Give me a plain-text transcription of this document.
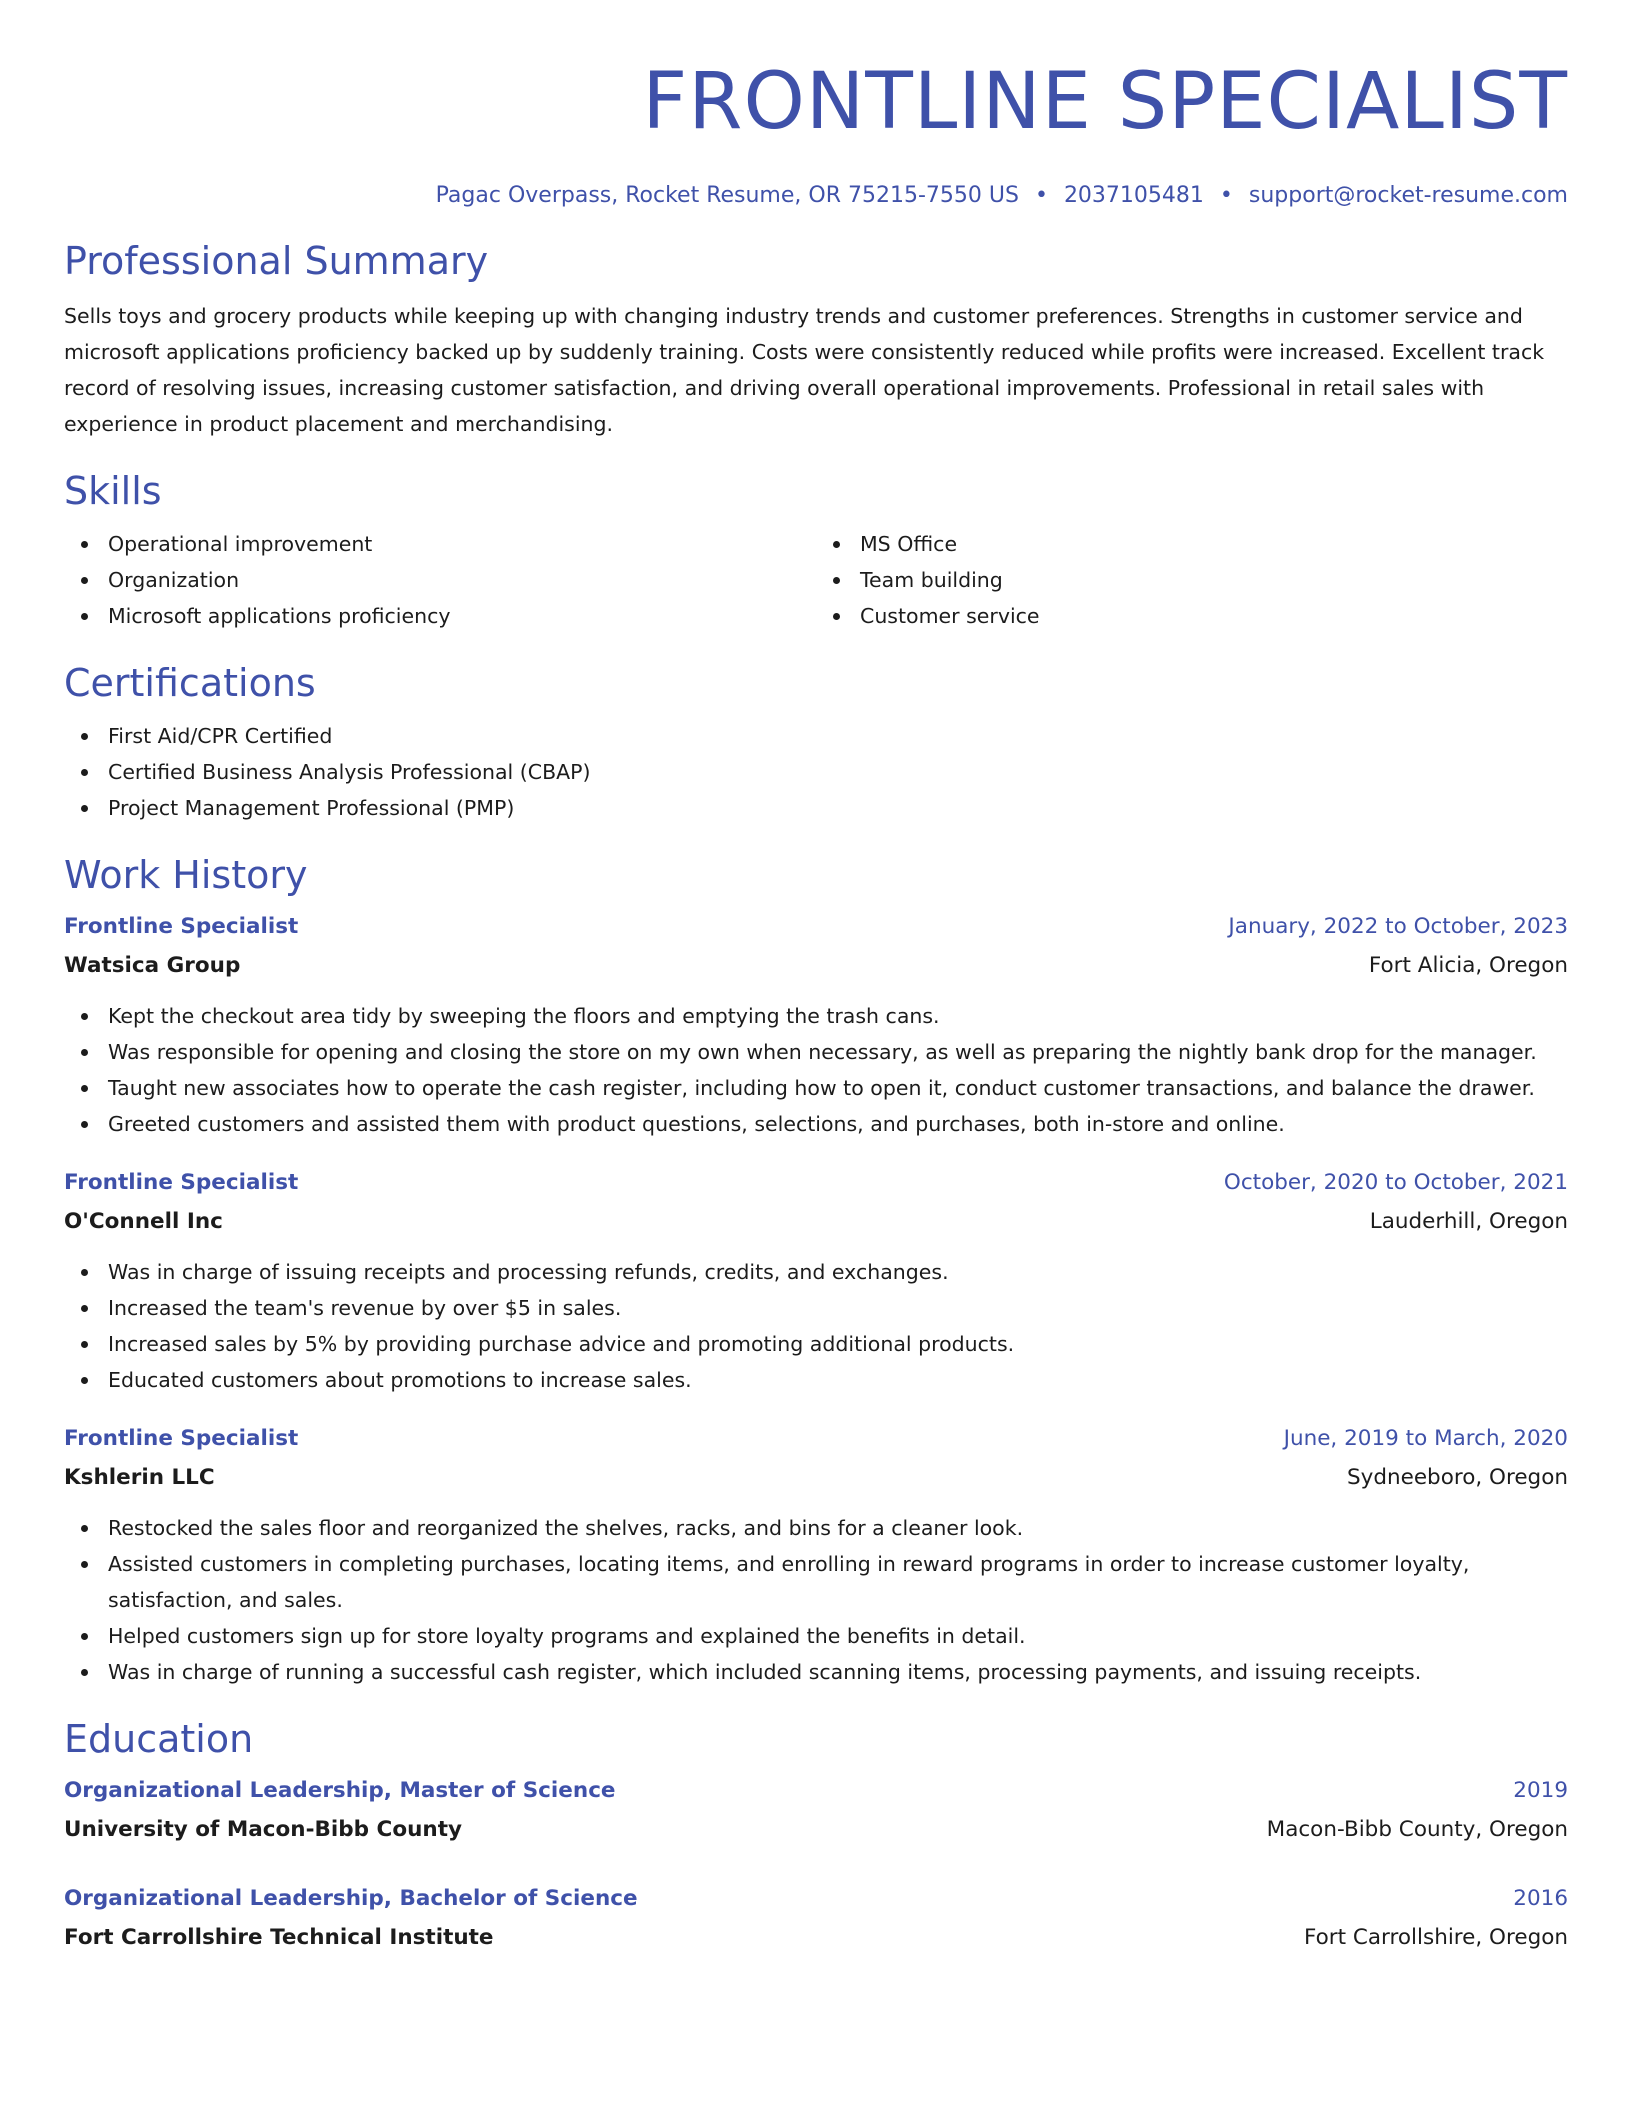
FRONTLINE SPECIALIST
Pagac Overpass, Rocket Resume, OR 75215-7550 US • 2037105481 • support@rocket-resume.com
Professional Summary

Sells toys and grocery products while keeping up with changing industry trends and customer preferences. Strengths in customer service and microsoft applications proficiency backed up by suddenly training. Costs were consistently reduced while profits were increased. Excellent track record of resolving issues, increasing customer satisfaction, and driving overall operational improvements. Professional in retail sales with experience in product placement and merchandising.

Skills
Operational improvement
Organization
Microsoft applications proficiency
MS Office
Team building
Customer service
Certifications
First Aid/CPR Certified
Certified Business Analysis Professional (CBAP)
Project Management Professional (PMP)
Work History
Frontline Specialist	January, 2022 to October, 2023
Watsica Group	Fort Alicia, Oregon
Kept the checkout area tidy by sweeping the floors and emptying the trash cans.
Was responsible for opening and closing the store on my own when necessary, as well as preparing the nightly bank drop for the manager.
Taught new associates how to operate the cash register, including how to open it, conduct customer transactions, and balance the drawer.
Greeted customers and assisted them with product questions, selections, and purchases, both in-store and online.
Frontline Specialist	October, 2020 to October, 2021
O'Connell Inc	Lauderhill, Oregon
Was in charge of issuing receipts and processing refunds, credits, and exchanges.
Increased the team's revenue by over $5 in sales.
Increased sales by 5% by providing purchase advice and promoting additional products.
Educated customers about promotions to increase sales.
Frontline Specialist	June, 2019 to March, 2020
Kshlerin LLC	Sydneeboro, Oregon
Restocked the sales floor and reorganized the shelves, racks, and bins for a cleaner look.
Assisted customers in completing purchases, locating items, and enrolling in reward programs in order to increase customer loyalty, satisfaction, and sales.
Helped customers sign up for store loyalty programs and explained the benefits in detail.
Was in charge of running a successful cash register, which included scanning items, processing payments, and issuing receipts.
Education
Organizational Leadership, Master of Science	2019
University of Macon-Bibb County	Macon-Bibb County, Oregon
Organizational Leadership, Bachelor of Science	2016
Fort Carrollshire Technical Institute	Fort Carrollshire, Oregon
